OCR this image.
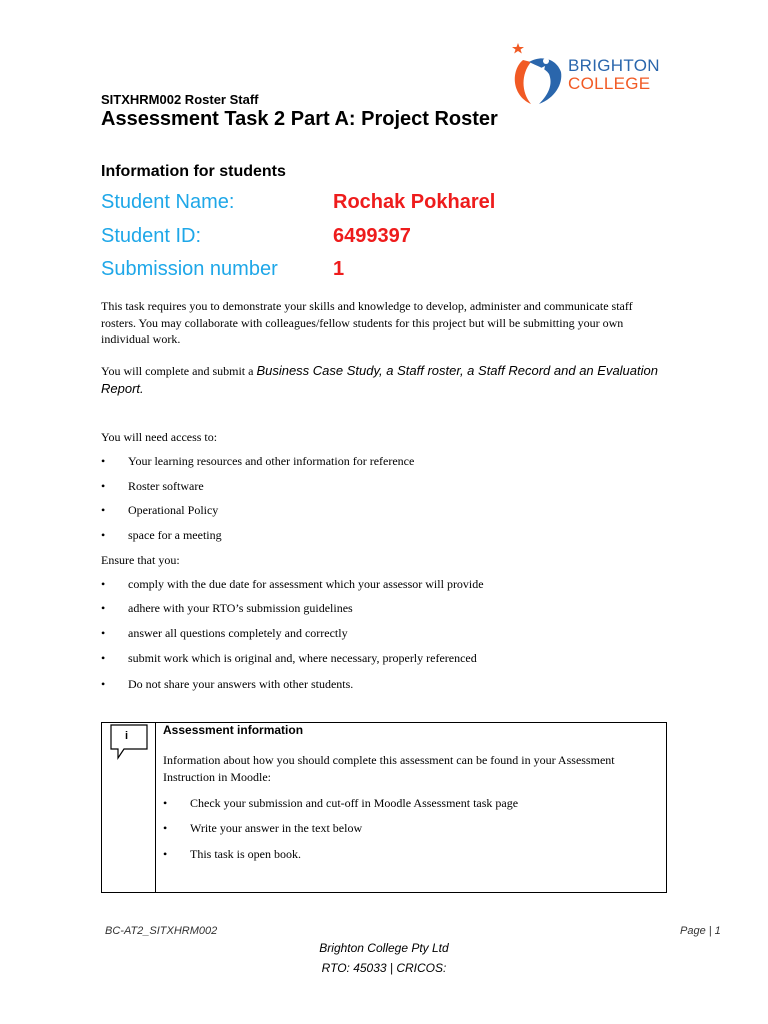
SITXHRM002 Roster Staff
Assessment Task 2 Part A: Project Roster
BRIGHTON
COLLEGE
Information for students
Student Name:	Rochak Pokharel
Student ID:	6499397
Submission number	1
This task requires you to demonstrate your skills and knowledge to develop, administer and communicate staff rosters. You may collaborate with colleagues/fellow students for this project but will be submitting your own individual work.
You will complete and submit a Business Case Study, a Staff roster, a Staff Record and an Evaluation Report.
You will need access to:
• Your learning resources and other information for reference
• Roster software
• Operational Policy
• space for a meeting
Ensure that you:
• comply with the due date for assessment which your assessor will provide
• adhere with your RTO’s submission guidelines
• answer all questions completely and correctly
• submit work which is original and, where necessary, properly referenced
• Do not share your answers with other students.
i	Assessment information
Information about how you should complete this assessment can be found in your Assessment Instruction in Moodle:
• Check your submission and cut-off in Moodle Assessment task page
• Write your answer in the text below
• This task is open book.
BC-AT2_SITXHRM002	Page | 1
Brighton College Pty Ltd
RTO: 45033 | CRICOS:
